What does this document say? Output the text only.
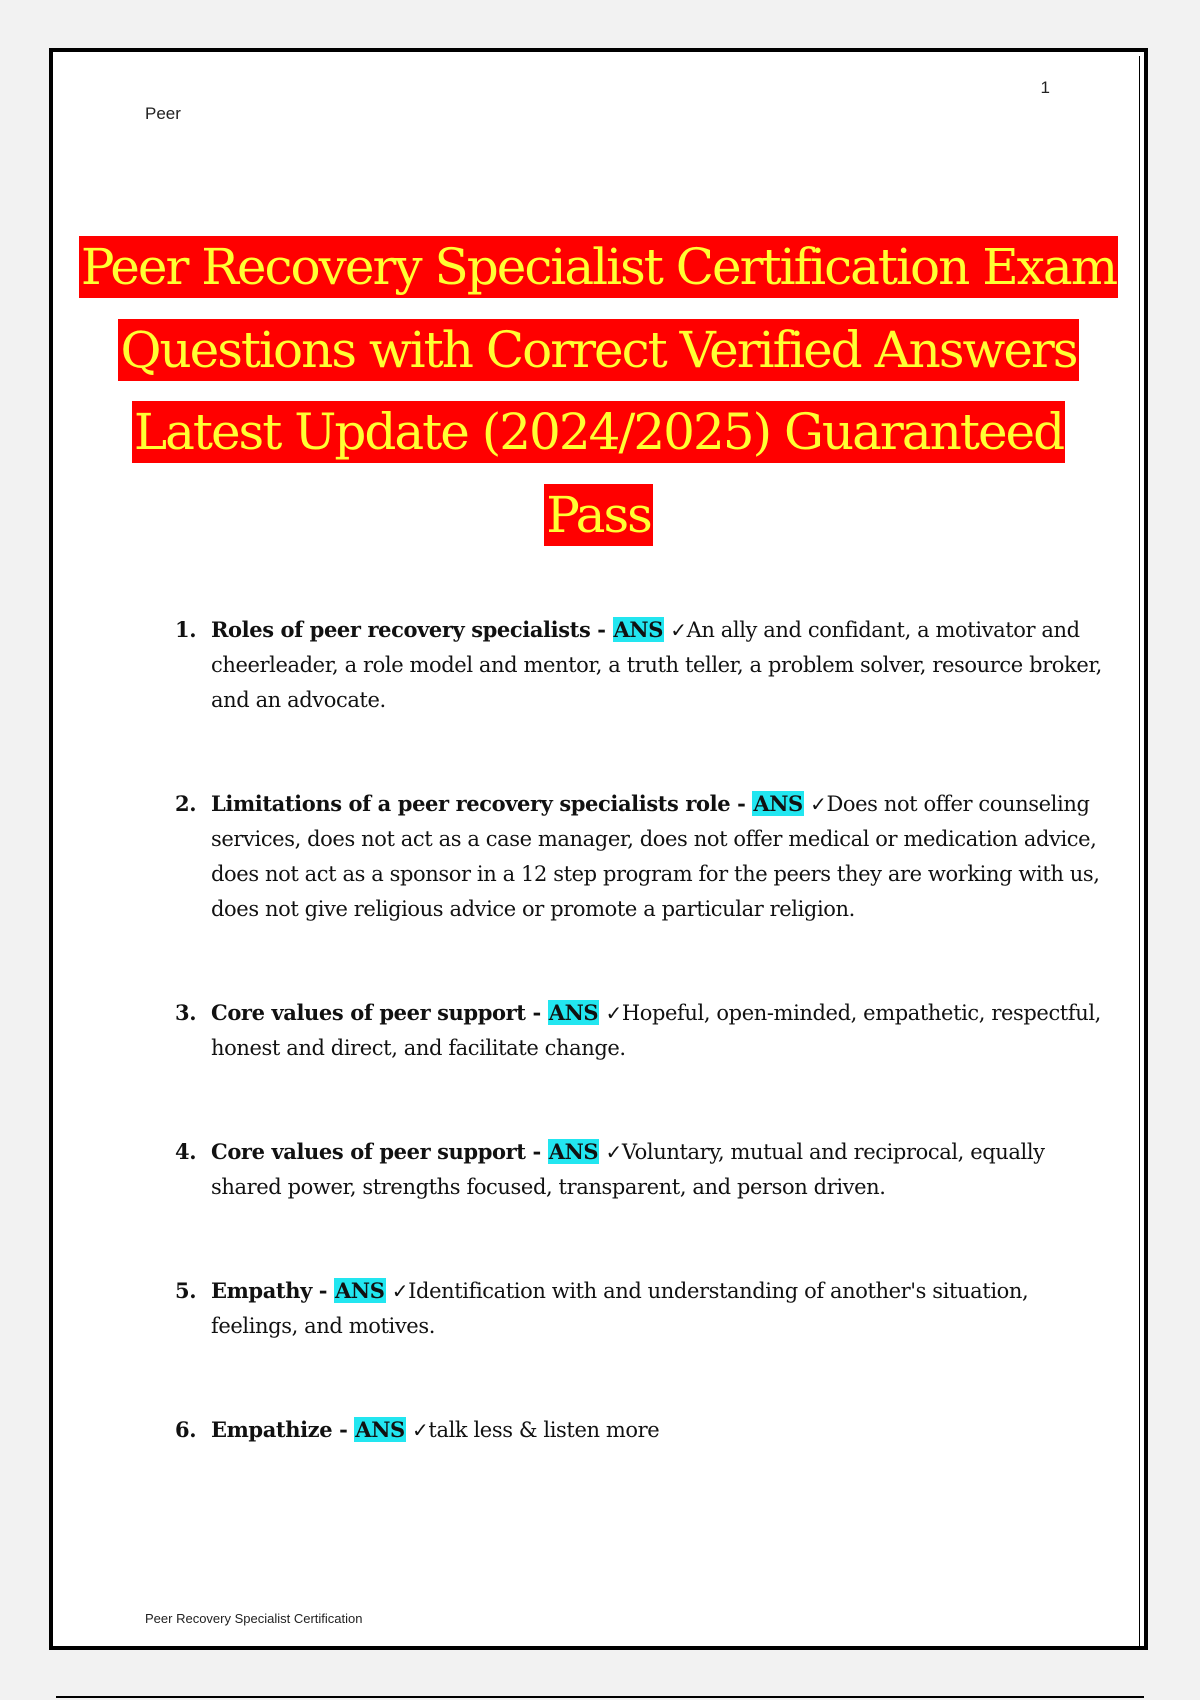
Peer
1
Peer Recovery Specialist Certification Exam Questions with Correct Verified Answers Latest Update (2024/2025) Guaranteed Pass
1. Roles of peer recovery specialists - ANS ✓An ally and confidant, a motivator and cheerleader, a role model and mentor, a truth teller, a problem solver, resource broker, and an advocate.
2. Limitations of a peer recovery specialists role - ANS ✓Does not offer counseling services, does not act as a case manager, does not offer medical or medication advice, does not act as a sponsor in a 12 step program for the peers they are working with us, does not give religious advice or promote a particular religion.
3. Core values of peer support - ANS ✓Hopeful, open-minded, empathetic, respectful, honest and direct, and facilitate change.
4. Core values of peer support - ANS ✓Voluntary, mutual and reciprocal, equally shared power, strengths focused, transparent, and person driven.
5. Empathy - ANS ✓Identification with and understanding of another's situation, feelings, and motives.
6. Empathize - ANS ✓talk less & listen more
Peer Recovery Specialist Certification
